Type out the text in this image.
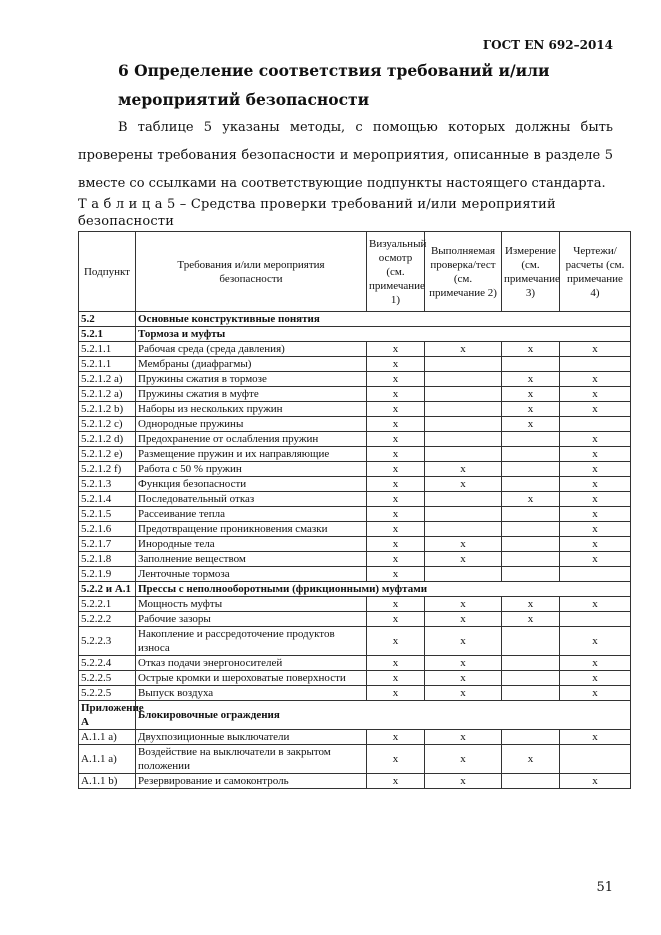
ГОСТ EN 692–2014
6 Определение соответствия требований и/или мероприятий безопасности
В таблице 5 указаны методы, с помощью которых должны быть проверены требования безопасности и мероприятия, описанные в разделе 5 вместе со ссылками на соответствующие подпункты настоящего стандарта.
Т а б л и ц а 5 – Средства проверки требований и/или мероприятий безопасности
Подпункт	Требования и/или мероприятия безопасности	Визуальный осмотр (см. примечание 1)	Выполняемая проверка/тест (см. примечание 2)	Измерение (см. примечание 3)	Чертежи/расчеты (см. примечание 4)
5.2	Основные конструктивные понятия				
5.2.1	Тормоза и муфты				
5.2.1.1	Рабочая среда (среда давления)	x	x	x	x
5.2.1.1	Мембраны (диафрагмы)	x			
5.2.1.2 a)	Пружины сжатия в тормозе	x		x	x
5.2.1.2 a)	Пружины сжатия в муфте	x		x	x
5.2.1.2 b)	Наборы из нескольких пружин	x		x	x
5.2.1.2 c)	Однородные пружины	x		x	
5.2.1.2 d)	Предохранение от ослабления пружин	x			x
5.2.1.2 e)	Размещение пружин и их направляющие	x			x
5.2.1.2 f)	Работа с 50 % пружин	x	x		x
5.2.1.3	Функция безопасности	x	x		x
5.2.1.4	Последовательный отказ	x		x	x
5.2.1.5	Рассеивание тепла	x			x
5.2.1.6	Предотвращение проникновения смазки	x			x
5.2.1.7	Инородные тела	x	x		x
5.2.1.8	Заполнение веществом	x	x		x
5.2.1.9	Ленточные тормоза	x			
5.2.2 и А.1	Прессы с неполнооборотными (фрикционными) муфтами				
5.2.2.1	Мощность муфты	x	x	x	x
5.2.2.2	Рабочие зазоры	x	x	x	
5.2.2.3	Накопление и рассредоточение продуктов износа	x	x		x
5.2.2.4	Отказ подачи энергоносителей	x	x		x
5.2.2.5	Острые кромки и шероховатые поверхности	x	x		x
5.2.2.5	Выпуск воздуха	x	x		x
Приложение А	Блокировочные ограждения				
A.1.1 a)	Двухпозиционные выключатели	x	x		x
A.1.1 a)	Воздействие на выключатели в закрытом положении	x	x	x	
A.1.1 b)	Резервирование и самоконтроль	x	x		x
51
